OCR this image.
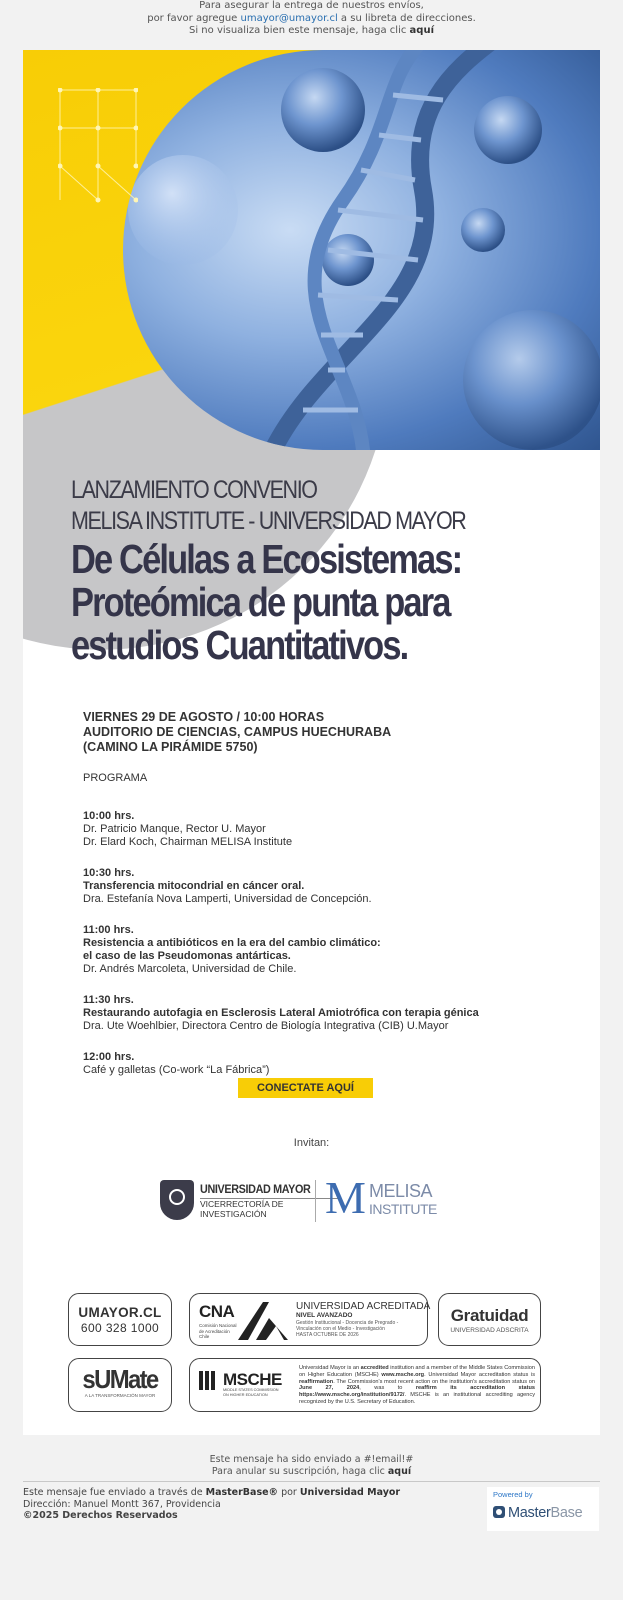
Para asegurar la entrega de nuestros envíos,
por favor agregue umayor@umayor.cl a su libreta de direcciones.
Si no visualiza bien este mensaje, haga clic aquí
LANZAMIENTO CONVENIO
MELISA INSTITUTE - UNIVERSIDAD MAYOR
De Células a Ecosistemas:
Proteómica de punta para
estudios Cuantitativos.
VIERNES 29 DE AGOSTO / 10:00 HORAS
AUDITORIO DE CIENCIAS, CAMPUS HUECHURABA
(CAMINO LA PIRÁMIDE 5750)
PROGRAMA
10:00 hrs.
Dr. Patricio Manque, Rector U. Mayor
Dr. Elard Koch, Chairman MELISA Institute
10:30 hrs.
Transferencia mitocondrial en cáncer oral.
Dra. Estefanía Nova Lamperti, Universidad de Concepción.
11:00 hrs.
Resistencia a antibióticos en la era del cambio climático:
el caso de las Pseudomonas antárticas.
Dr. Andrés Marcoleta, Universidad de Chile.
11:30 hrs.
Restaurando autofagia en Esclerosis Lateral Amiotrófica con terapia génica
Dra. Ute Woehlbier, Directora Centro de Biología Integrativa (CIB) U.Mayor
12:00 hrs.
Café y galletas (Co-work “La Fábrica”)
CONECTATE AQUÍ
Invitan:
UNIVERSIDAD MAYOR
VICERRECTORÍA DE
INVESTIGACIÓN	M MELISA
INSTITUTE
UMAYOR.CL
600 328 1000
CNA
Comisión Nacional de Acreditación Chile
UNIVERSIDAD ACREDITADA
NIVEL AVANZADO
Gestión Institucional - Docencia de Pregrado - Vinculación con el Medio - Investigación
HASTA OCTUBRE DE 2026
Gratuidad
UNIVERSIDAD ADSCRITA
sUMate
A LA TRANSFORMACIÓN MAYOR
MSCHE
MIDDLE STATES COMMISSION ON HIGHER EDUCATION
Universidad Mayor is an accredited institution and a member of the Middle States Commission on Higher Education (MSCHE) www.msche.org. Universidad Mayor accreditation status is reaffirmation. The Commission's most recent action on the institution's accreditation status on June 27, 2024, was to reaffirm its accreditation status https://www.msche.org/institution/9172/. MSCHE is an institutional accrediting agency recognized by the U.S. Secretary of Education.
Este mensaje ha sido enviado a #!email!#
Para anular su suscripción, haga clic aquí
Este mensaje fue enviado a través de MasterBase® por Universidad Mayor
Dirección: Manuel Montt 367, Providencia
©2025 Derechos Reservados
Powered by
MasterBase
